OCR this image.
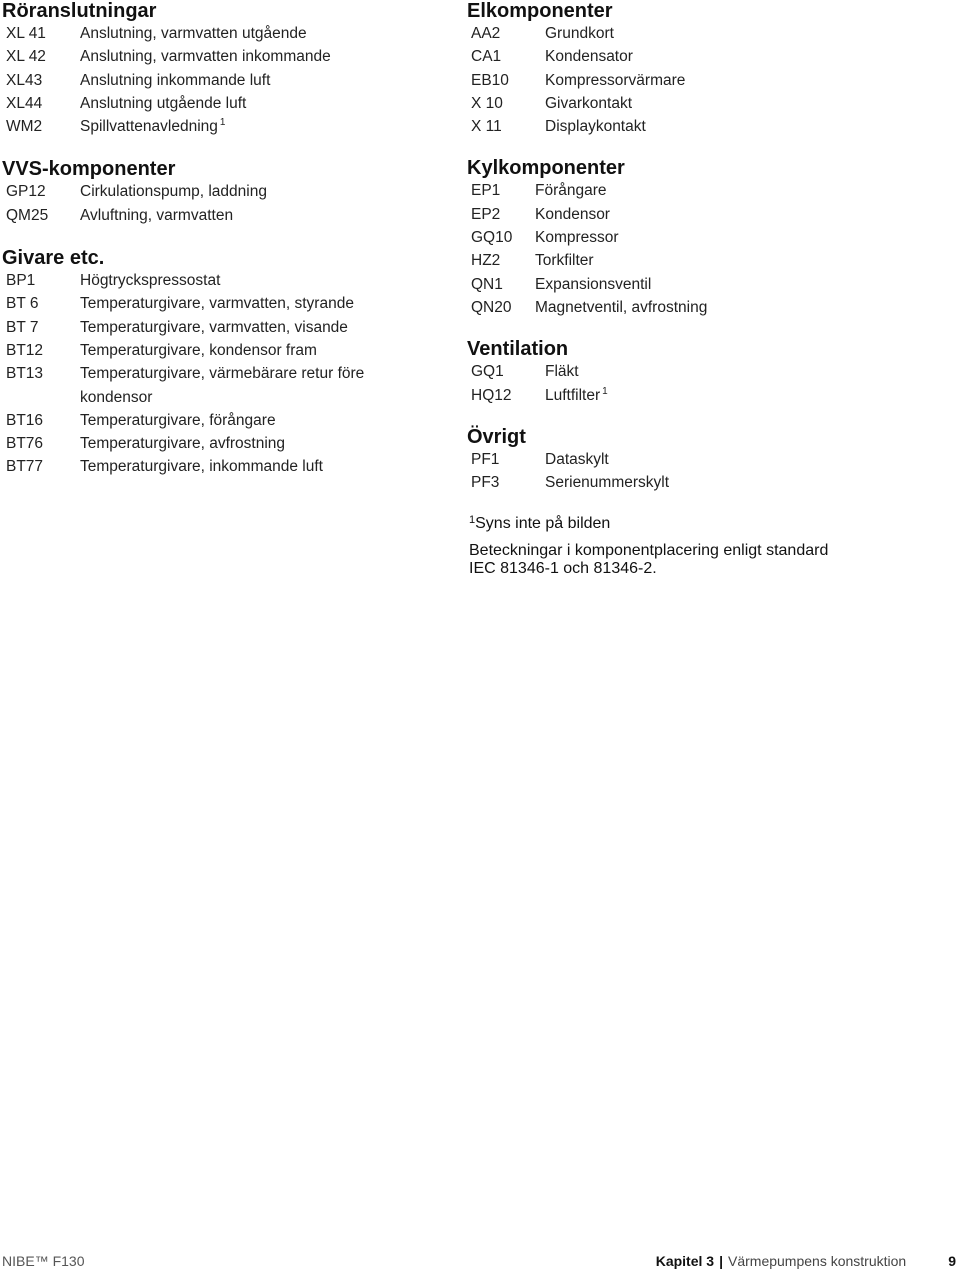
Röranslutningar
XL 41	Anslutning, varmvatten utgående
XL 42	Anslutning, varmvatten inkommande
XL43	Anslutning inkommande luft
XL44	Anslutning utgående luft
WM2	Spillvattenavledning $^1$
VVS-komponenter
GP12	Cirkulationspump, laddning
QM25	Avluftning, varmvatten
Givare etc.
BP1	Högtryckspressostat
BT 6	Temperaturgivare, varmvatten, styrande
BT 7	Temperaturgivare, varmvatten, visande
BT12	Temperaturgivare, kondensor fram
BT13	Temperaturgivare, värmebärare retur före kondensor
BT16	Temperaturgivare, förångare
BT76	Temperaturgivare, avfrostning
BT77	Temperaturgivare, inkommande luft
Elkomponenter
AA2	Grundkort
CA1	Kondensator
EB10	Kompressorvärmare
X 10	Givarkontakt
X 11	Displaykontakt
Kylkomponenter
EP1	Förångare
EP2	Kondensor
GQ10	Kompressor
HZ2	Torkfilter
QN1	Expansionsventil
QN20	Magnetventil, avfrostning
Ventilation
GQ1	Fläkt
HQ12	Luftfilter $^1$
Övrigt
PF1	Dataskylt
PF3	Serienummerskylt
$^1$Syns inte på bilden
Beteckningar i komponentplacering enligt standard
IEC 81346-1 och 81346-2.
NIBE™ F130	Kapitel 3 | Värmepumpens konstruktion	9
